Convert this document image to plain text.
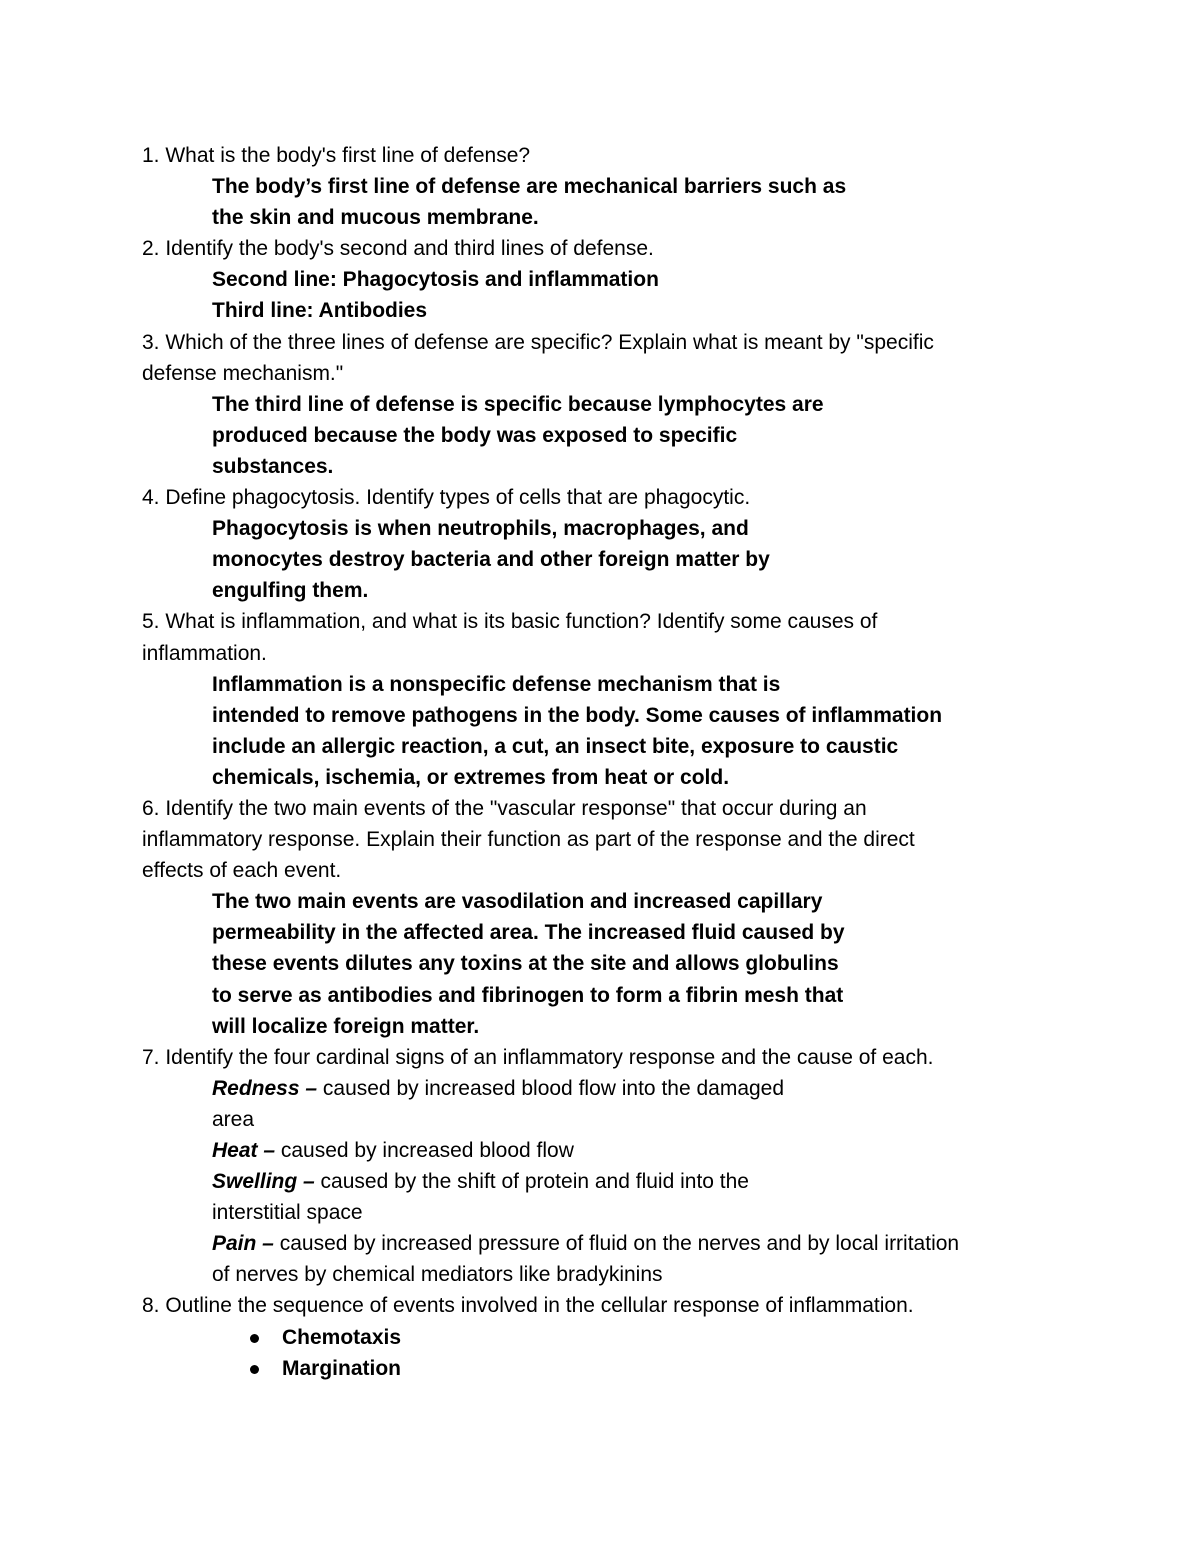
1. What is the body's first line of defense?
The body’s first line of defense are mechanical barriers such as
the skin and mucous membrane.
2. Identify the body's second and third lines of defense.
Second line: Phagocytosis and inflammation
Third line: Antibodies
3. Which of the three lines of defense are specific? Explain what is meant by "specific
defense mechanism."
The third line of defense is specific because lymphocytes are
produced because the body was exposed to specific
substances.
4. Define phagocytosis. Identify types of cells that are phagocytic.
Phagocytosis is when neutrophils, macrophages, and
monocytes destroy bacteria and other foreign matter by
engulfing them.
5. What is inflammation, and what is its basic function? Identify some causes of
inflammation.
Inflammation is a nonspecific defense mechanism that is
intended to remove pathogens in the body. Some causes of inflammation
include an allergic reaction, a cut, an insect bite, exposure to caustic
chemicals, ischemia, or extremes from heat or cold.
6. Identify the two main events of the "vascular response" that occur during an
inflammatory response. Explain their function as part of the response and the direct
effects of each event.
The two main events are vasodilation and increased capillary
permeability in the affected area. The increased fluid caused by
these events dilutes any toxins at the site and allows globulins
to serve as antibodies and fibrinogen to form a fibrin mesh that
will localize foreign matter.
7. Identify the four cardinal signs of an inflammatory response and the cause of each.
Redness – caused by increased blood flow into the damaged
area
Heat – caused by increased blood flow
Swelling – caused by the shift of protein and fluid into the
interstitial space
Pain – caused by increased pressure of fluid on the nerves and by local irritation
of nerves by chemical mediators like bradykinins
8. Outline the sequence of events involved in the cellular response of inflammation.
Chemotaxis
Margination
